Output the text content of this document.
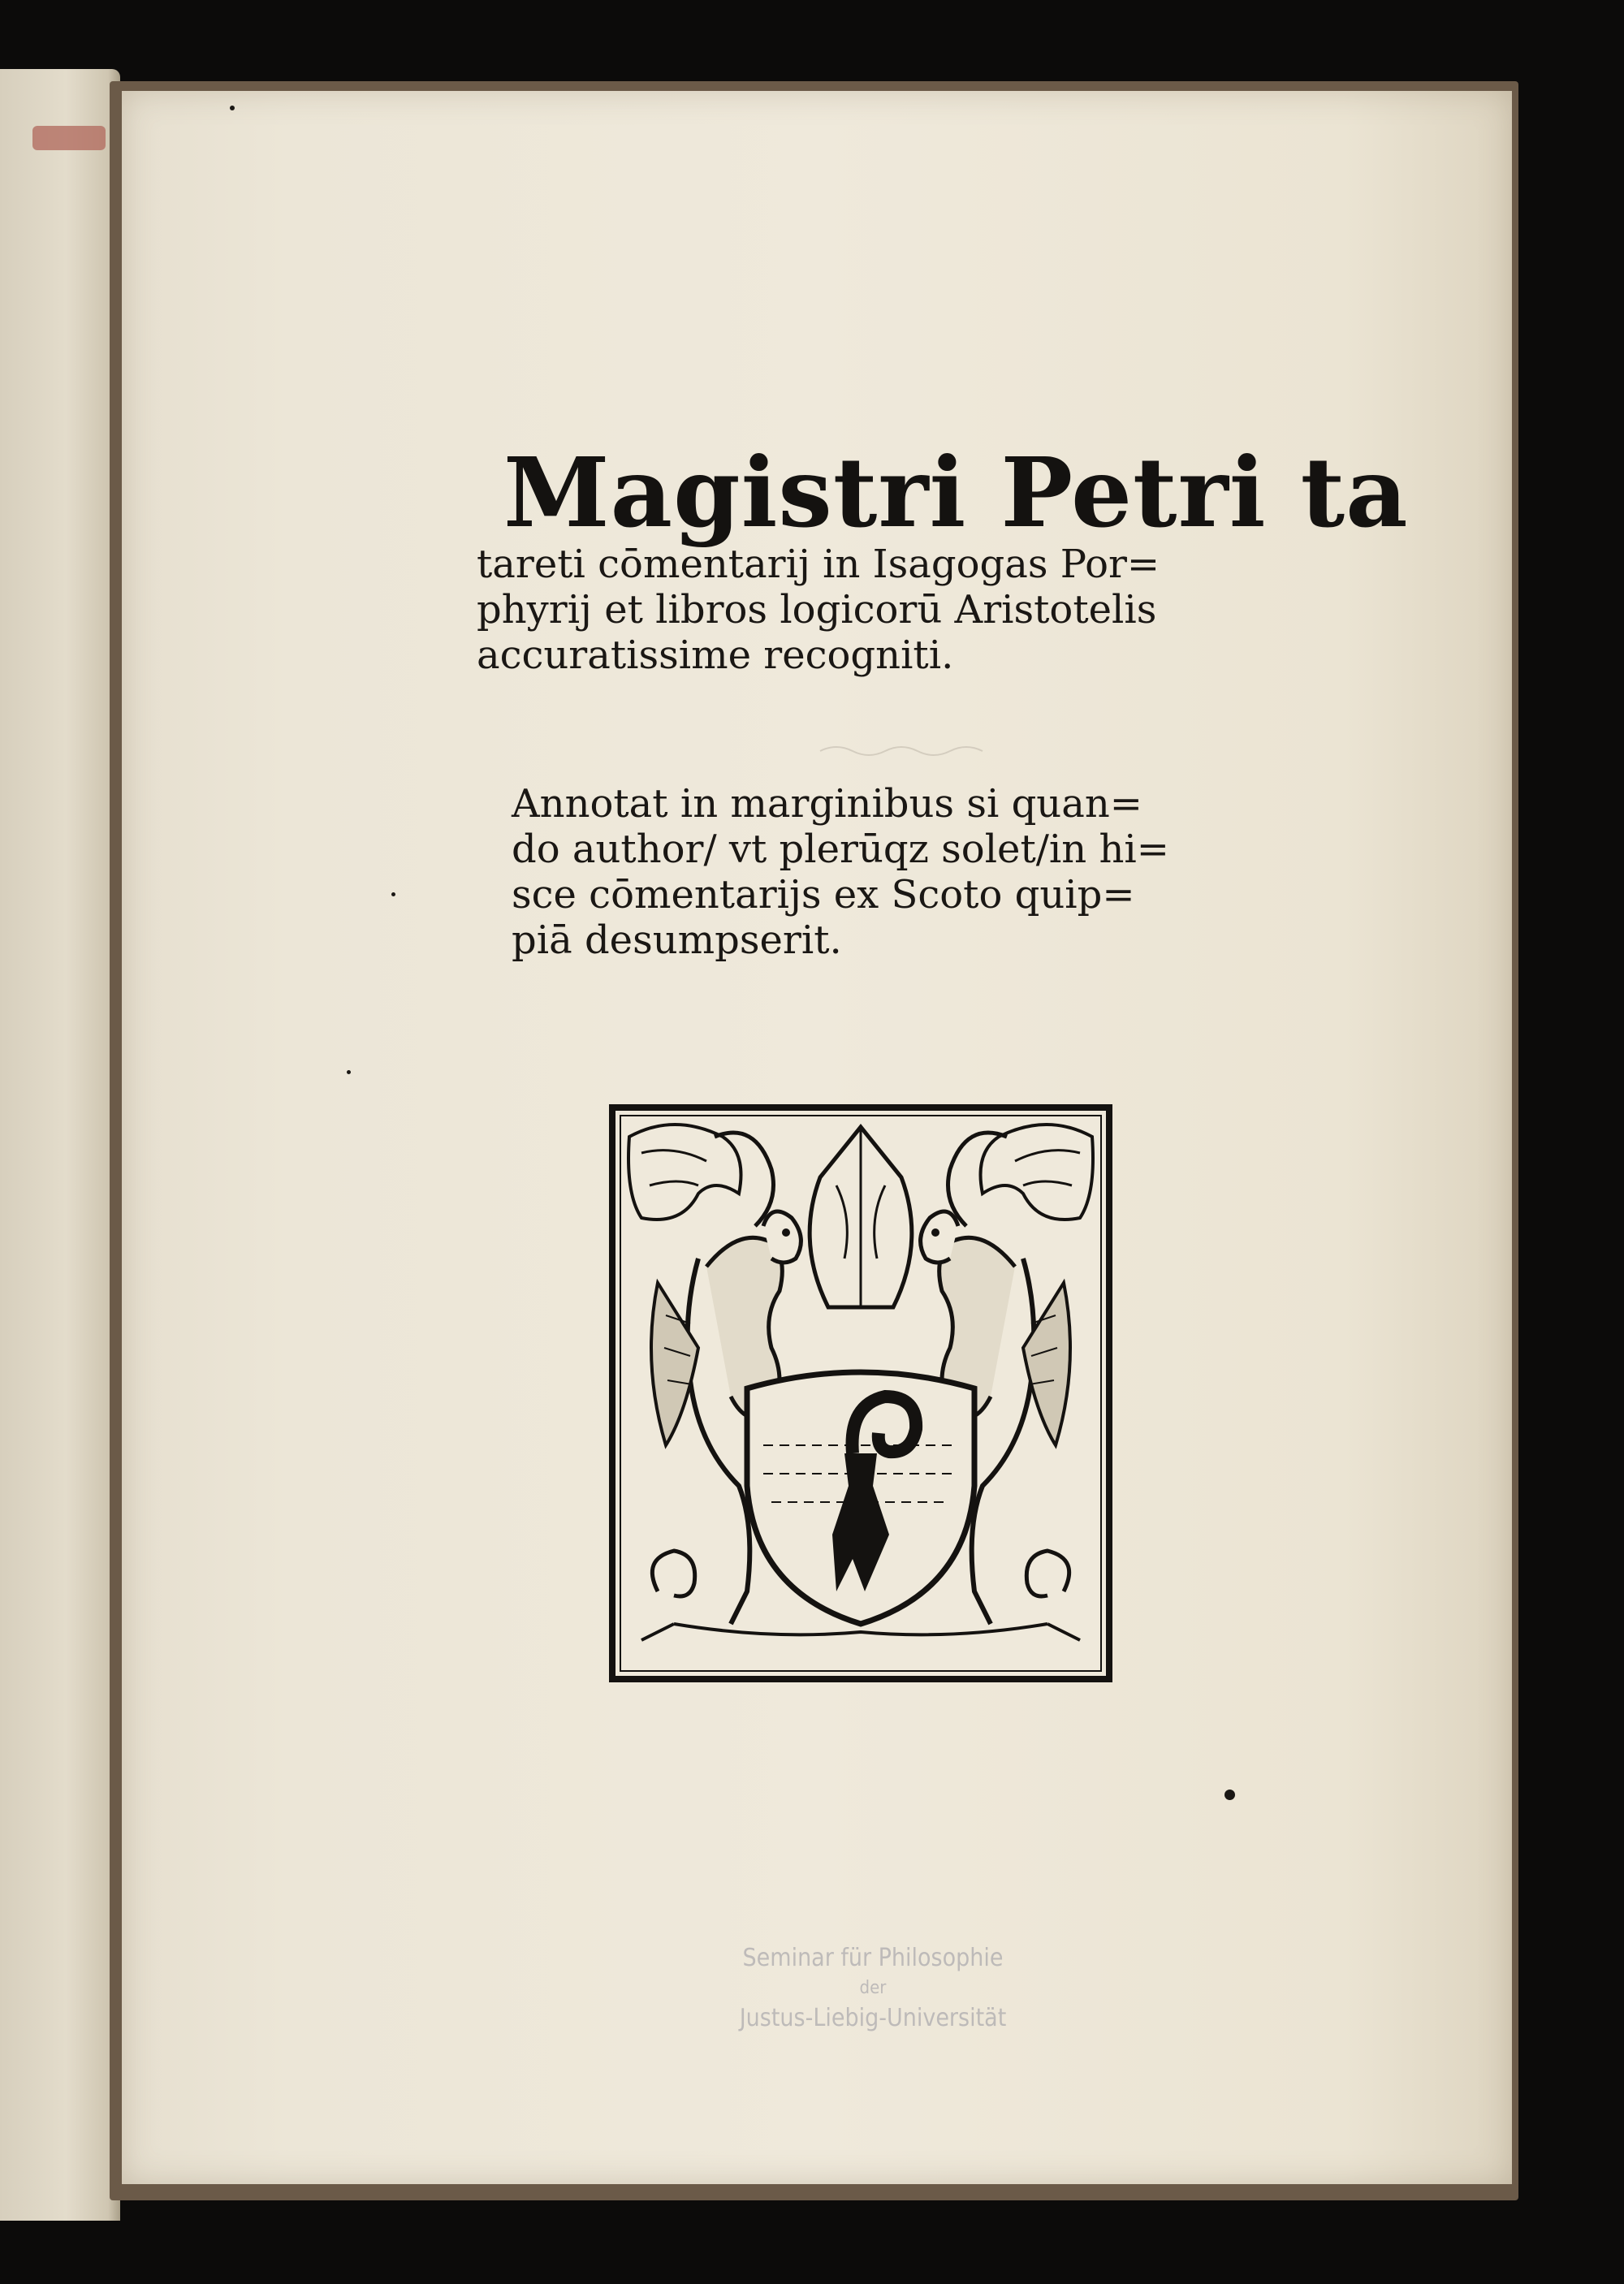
Magistri Petri ta
tareti cōmentarij in Isagogas Por=
phyrij et libros logicorū Aristotelis
accuratissime recogniti.
Annotat in marginibus si quan=
do author/ vt plerūqz solet/in hi=
sce cōmentarijs ex Scoto quip=
piā desumpserit.
Seminar für Philosophie
der
Justus-Liebig-Universität
